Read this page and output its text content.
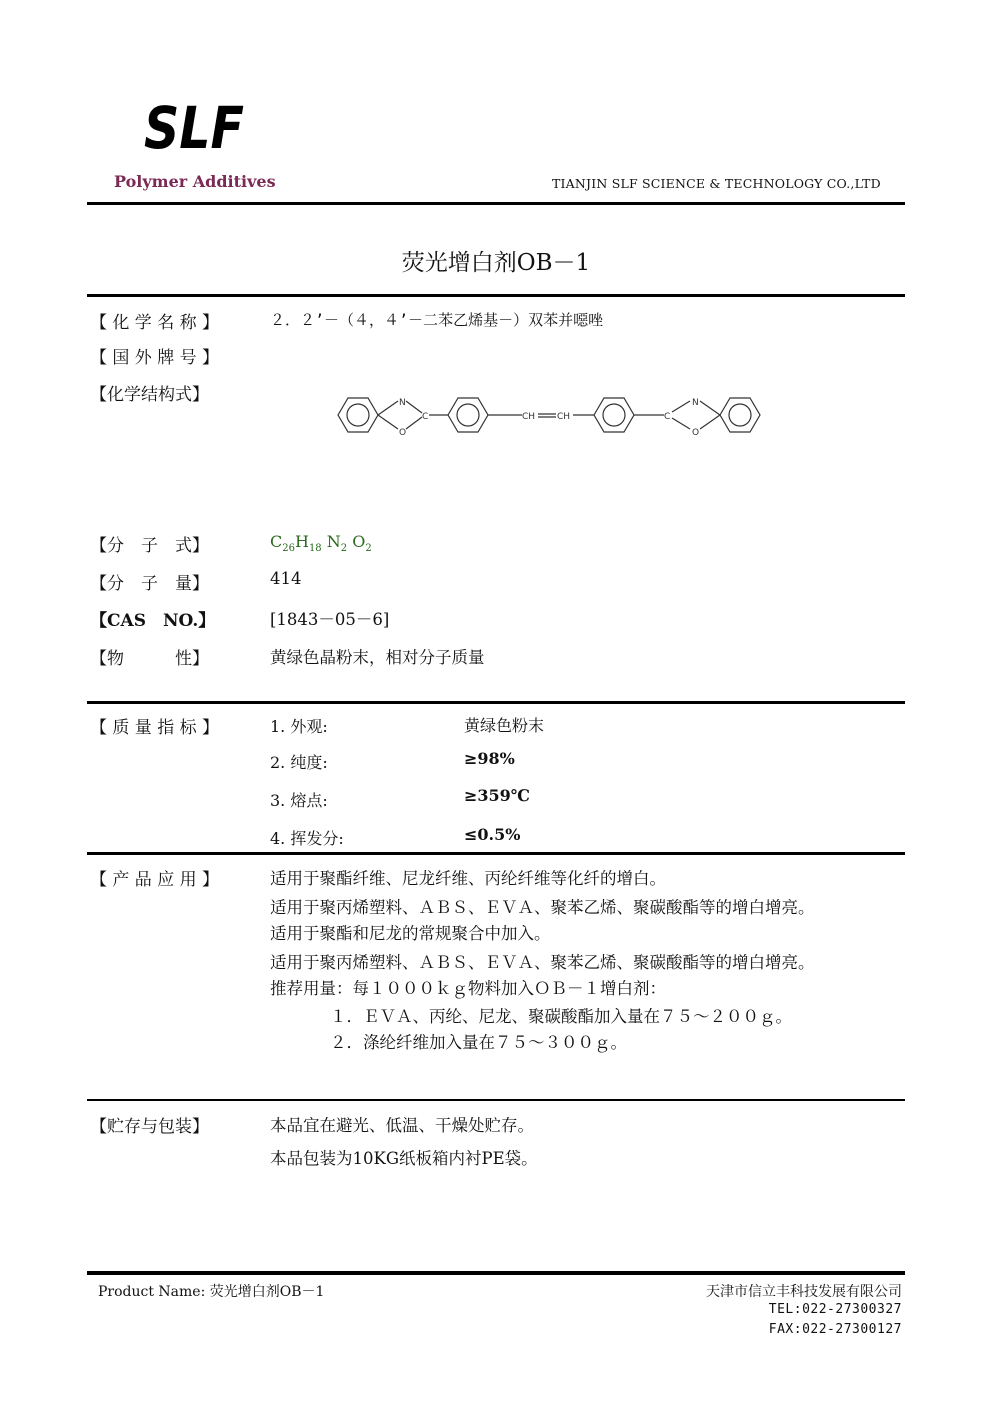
SLF
Polymer Additives	TIANJIN SLF SCIENCE & TECHNOLOGY CO.,LTD
荧光增白剂OB－1
【 化 学 名 称 】	２．２’－（４，４’－二苯乙烯基－）双苯并噁唑
【 国 外 牌 号 】
【化学结构式】	N
O
C	CH CH	C
N
O
【分　子　式】	$C_{26}H_{18}$ $N_2$ $O_2$
【分　子　量】	414
【CAS　NO.】	[1843－05－6]
【物　　　性】	黄绿色晶粉末，相对分子质量
【 质 量 指 标 】	1. 外观:	黄绿色粉末
2. 纯度:	≥98%
3. 熔点:	≥359℃
4. 挥发分:	≤0.5%
【 产 品 应 用 】	适用于聚酯纤维、尼龙纤维、丙纶纤维等化纤的增白。
适用于聚丙烯塑料、ＡＢＳ、ＥＶＡ、聚苯乙烯、聚碳酸酯等的增白增亮。
适用于聚酯和尼龙的常规聚合中加入。
适用于聚丙烯塑料、ＡＢＳ、ＥＶＡ、聚苯乙烯、聚碳酸酯等的增白增亮。
推荐用量：每１０００ｋｇ物料加入ＯＢ－１增白剂：
１．ＥＶＡ、丙纶、尼龙、聚碳酸酯加入量在７５～２００ｇ。
２．涤纶纤维加入量在７５～３００ｇ。
【贮存与包装】	本品宜在避光、低温、干燥处贮存。
本品包装为10KG纸板箱内衬PE袋。
Product Name: 荧光增白剂OB－1	天津市信立丰科技发展有限公司
TEL:022-27300327
FAX:022-27300127
